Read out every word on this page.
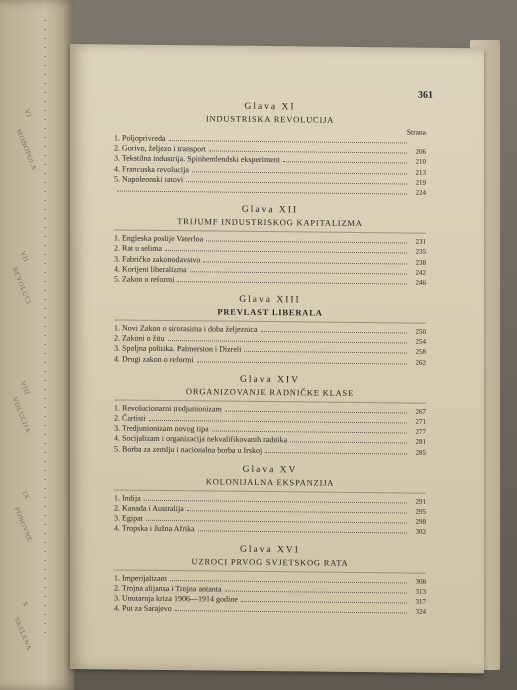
VI
MONOPOLA
VII
REVOLUCI
VIII
VOLUCIJA
IX
PONOVNE
X
SKELENA
361
Glava XI
INDUSTRISKA REVOLUCIJA
Strana
1. Poljoprivreda
2. Gorivo, željezo i transport	206
3. Tekstilna industrija. Spinhemlendski eksperiment	210
4. Francuska revolucija	213
5. Napoleonski ratovi	219
224
Glava XII
TRIJUMF INDUSTRISKOG KAPITALIZMA
1. Engleska poslije Vaterloa	231
2. Rat u selima	235
3. Fabričko zakonodavstvo	238
4. Korijeni liberalizma	242
5. Zakon o reformi	246
Glava XIII
PREVLAST LIBERALA
1. Novi Zakon o sirorasima i doba željeznica	250
2. Zakoni o žitu	254
3. Spoljna politika. Palmerston i Dizreli	258
4. Drugi zakon o reformi	262
Glava XIV
ORGANIZOVANJE RADNIČKE KLASE
1. Revolucionarni tredjunionizam	267
2. Čartisti	271
3. Tredjunionizam novog tipa	277
4. Socijalizam i organizacija nekvalifikovanih radnika	281
5. Borba za zemlju i nacionalna borba u Irskoj	285
Glava XV
KOLONIJALNA EKSPANZIJA
1. Indija	291
2. Kanada i Australija	295
3. Egipat	298
4. Tropska i Južna Afrika	302
Glava XVI
UZROCI PRVOG SVJETSKOG RATA
1. Imperijalizam	308
2. Trojna alijansa i Trojna antanta	313
3. Unutarnja kriza 1906—1914 godine	317
4. Put za Sarajevo	324
